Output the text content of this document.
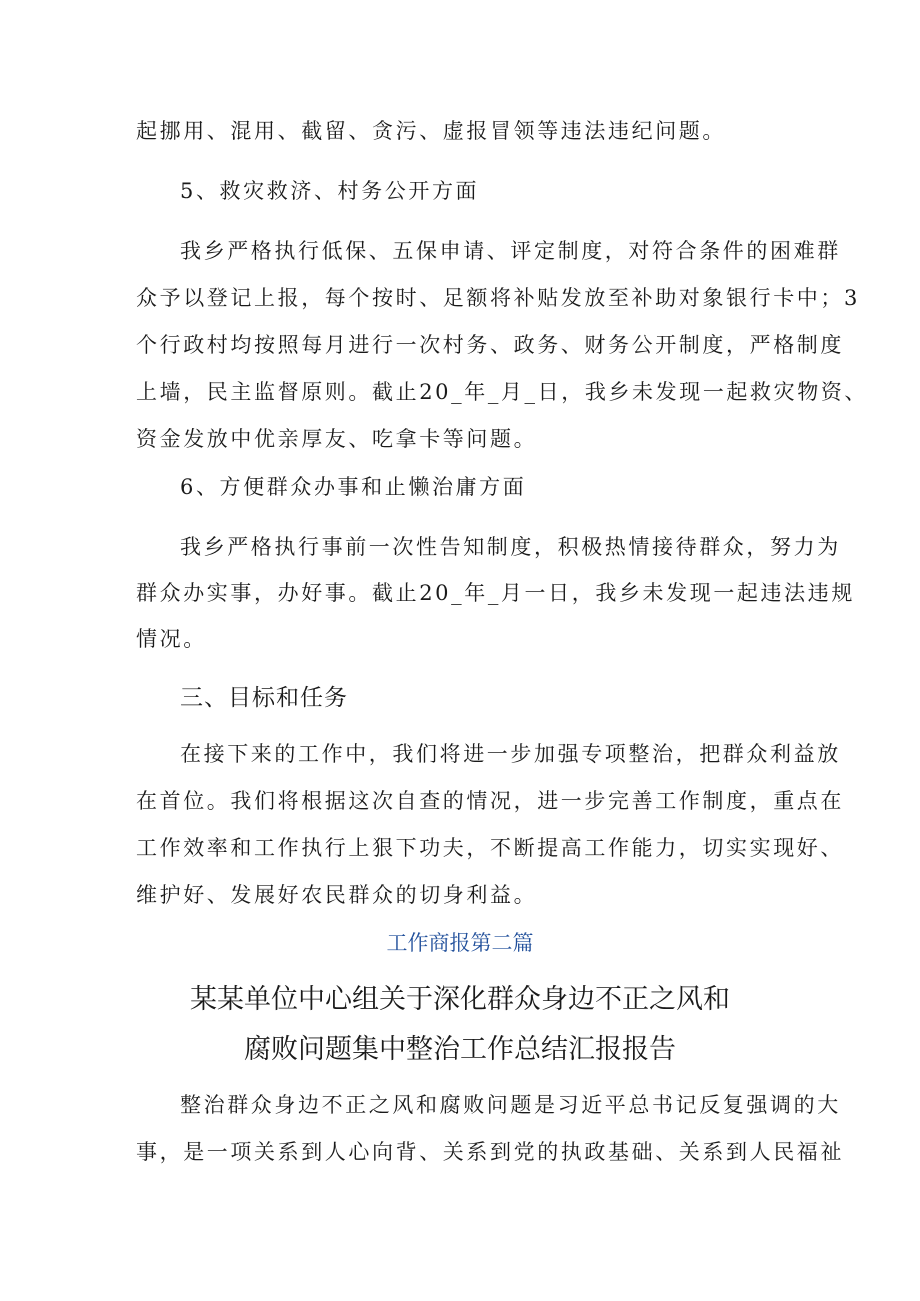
起挪用、混用、截留、贪污、虚报冒领等违法违纪问题。
5、救灾救济、村务公开方面
我乡严格执行低保、五保申请、评定制度，对符合条件的困难群
众予以登记上报，每个按时、足额将补贴发放至补助对象银行卡中；3
个行政村均按照每月进行一次村务、政务、财务公开制度，严格制度
上墙，民主监督原则。截止20_年_月_日，我乡未发现一起救灾物资、
资金发放中优亲厚友、吃拿卡等问题。
6、方便群众办事和止懒治庸方面
我乡严格执行事前一次性告知制度，积极热情接待群众，努力为
群众办实事，办好事。截止20_年_月一日，我乡未发现一起违法违规
情况。
三、目标和任务
在接下来的工作中，我们将进一步加强专项整治，把群众利益放
在首位。我们将根据这次自查的情况，进一步完善工作制度，重点在
工作效率和工作执行上狠下功夫，不断提高工作能力，切实实现好、
维护好、发展好农民群众的切身利益。
工作商报第二篇
某某单位中心组关于深化群众身边不正之风和
腐败问题集中整治工作总结汇报报告
整治群众身边不正之风和腐败问题是习近平总书记反复强调的大
事，是一项关系到人心向背、关系到党的执政基础、关系到人民福祉
